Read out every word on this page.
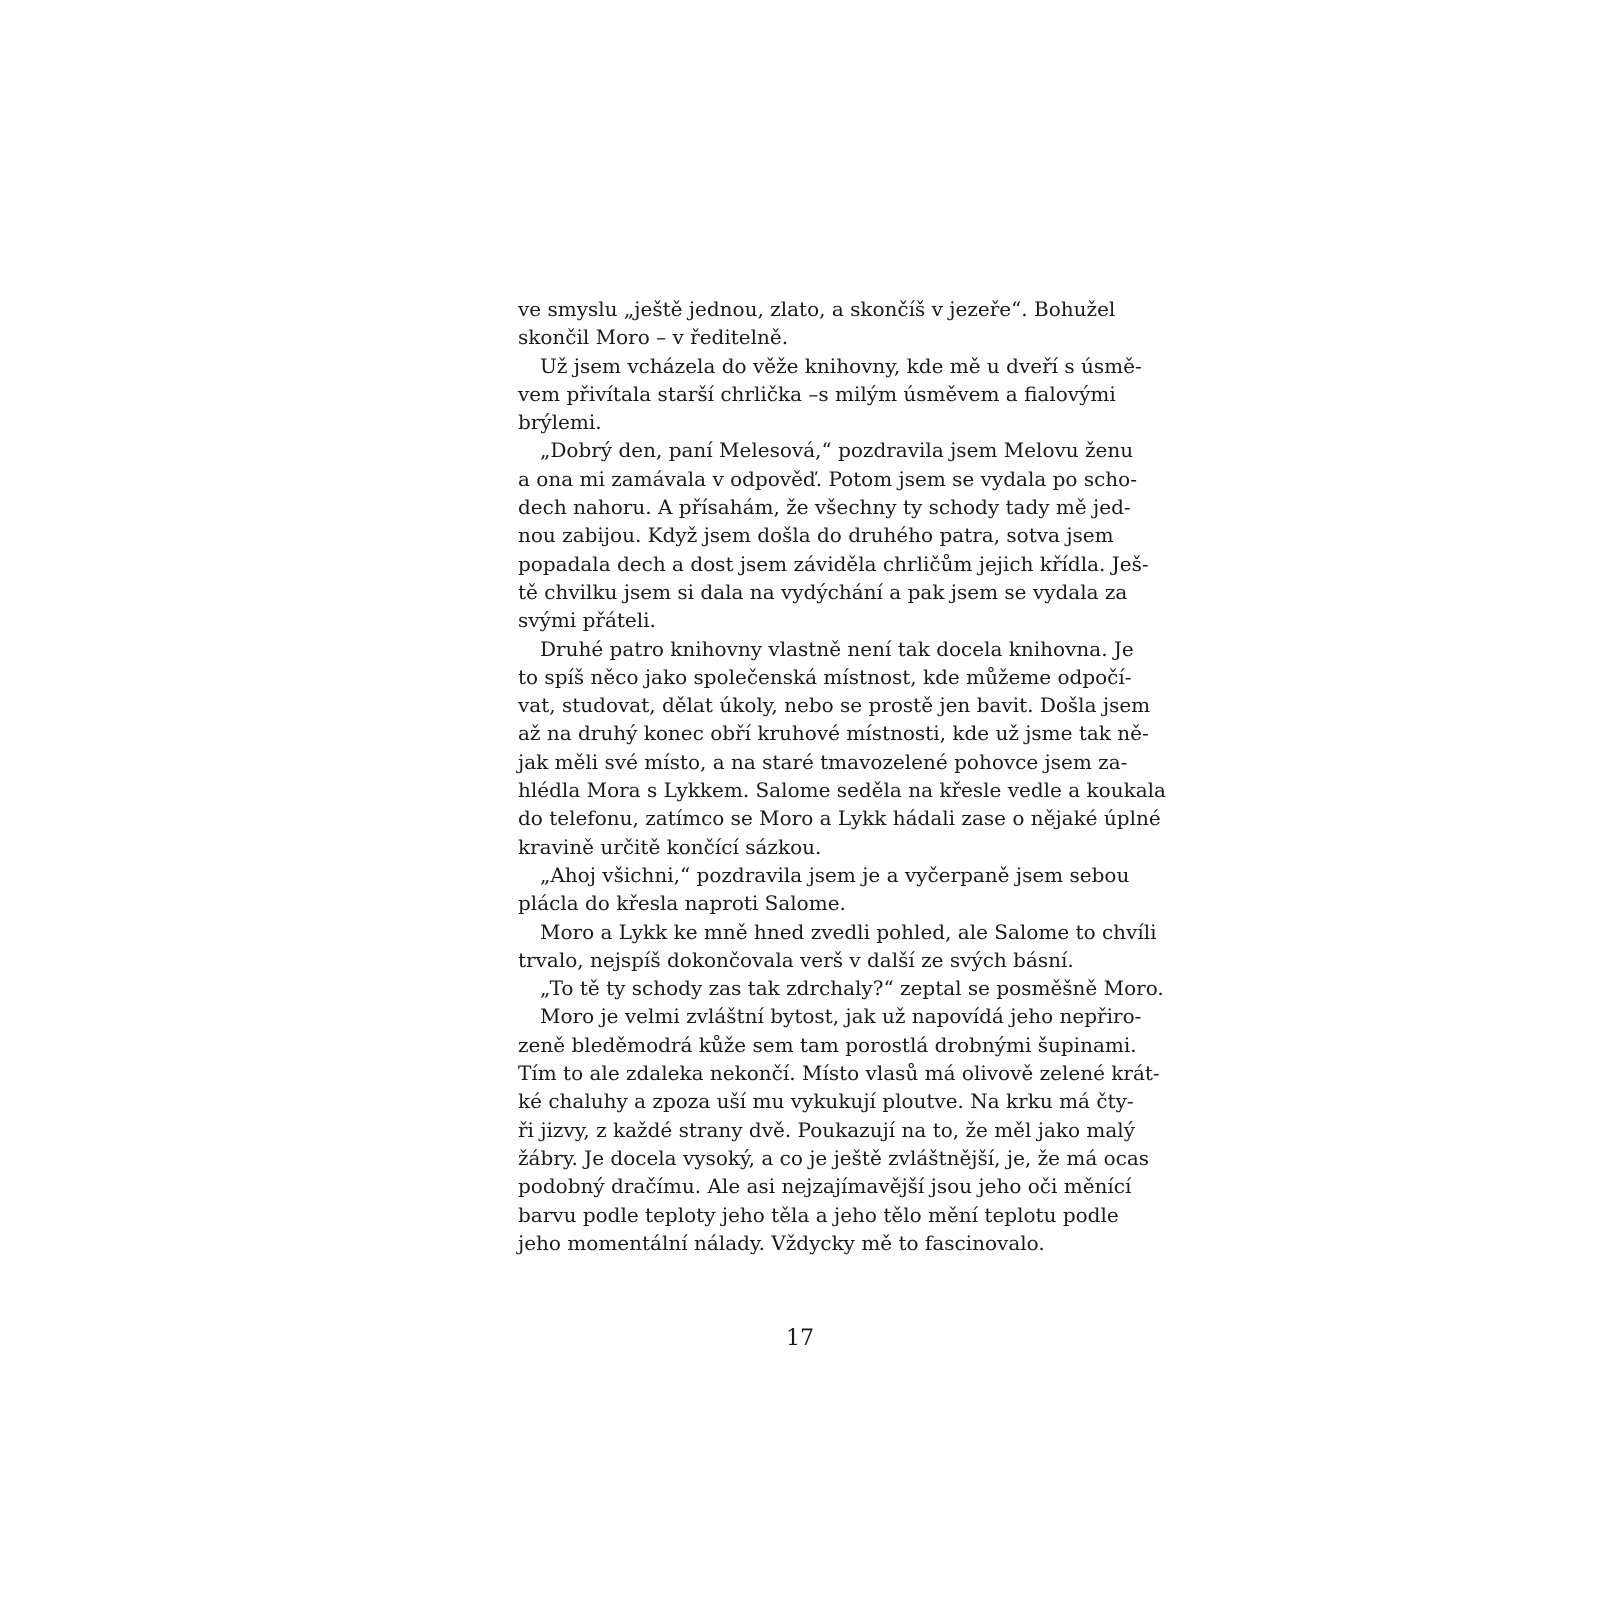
ve smyslu „ještě jednou, zlato, a skončíš v jezeře“. Bohužel
skončil Moro – v ředitelně.
Už jsem vcházela do věže knihovny, kde mě u dveří s úsmě-
vem přivítala starší chrlička –s milým úsměvem a fialovými
brýlemi.
„Dobrý den, paní Melesová,“ pozdravila jsem Melovu ženu
a ona mi zamávala v odpověď. Potom jsem se vydala po scho-
dech nahoru. A přísahám, že všechny ty schody tady mě jed-
nou zabijou. Když jsem došla do druhého patra, sotva jsem
popadala dech a dost jsem záviděla chrličům jejich křídla. Ješ-
tě chvilku jsem si dala na vydýchání a pak jsem se vydala za
svými přáteli.
Druhé patro knihovny vlastně není tak docela knihovna. Je
to spíš něco jako společenská místnost, kde můžeme odpočí-
vat, studovat, dělat úkoly, nebo se prostě jen bavit. Došla jsem
až na druhý konec obří kruhové místnosti, kde už jsme tak ně-
jak měli své místo, a na staré tmavozelené pohovce jsem za-
hlédla Mora s Lykkem. Salome seděla na křesle vedle a koukala
do telefonu, zatímco se Moro a Lykk hádali zase o nějaké úplné
kravině určitě končící sázkou.
„Ahoj všichni,“ pozdravila jsem je a vyčerpaně jsem sebou
plácla do křesla naproti Salome.
Moro a Lykk ke mně hned zvedli pohled, ale Salome to chvíli
trvalo, nejspíš dokončovala verš v další ze svých básní.
„To tě ty schody zas tak zdrchaly?“ zeptal se posměšně Moro.
Moro je velmi zvláštní bytost, jak už napovídá jeho nepřiro-
zeně bleděmodrá kůže sem tam porostlá drobnými šupinami.
Tím to ale zdaleka nekončí. Místo vlasů má olivově zelené krát-
ké chaluhy a zpoza uší mu vykukují ploutve. Na krku má čty-
ři jizvy, z každé strany dvě. Poukazují na to, že měl jako malý
žábry. Je docela vysoký, a co je ještě zvláštnější, je, že má ocas
podobný dračímu. Ale asi nejzajímavější jsou jeho oči měnící
barvu podle teploty jeho těla a jeho tělo mění teplotu podle
jeho momentální nálady. Vždycky mě to fascinovalo.
17
